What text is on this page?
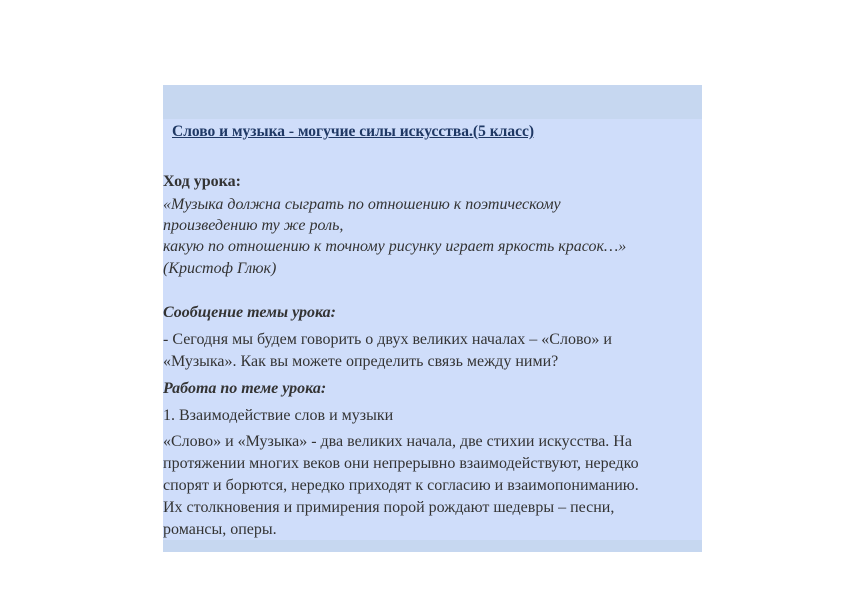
Слово и музыка - могучие силы искусства.(5 класс)

Ход урока:

«Музыка должна сыграть по отношению к поэтическому

произведению ту же роль,

какую по отношению к точному рисунку играет яркость красок…»

(Кристоф Глюк)

Сообщение темы урока:

- Сегодня мы будем говорить о двух великих началах – «Слово» и

«Музыка». Как вы можете определить связь между ними?

Работа по теме урока:

1. Взаимодействие слов и музыки

«Слово» и «Музыка» - два великих начала, две стихии искусства. На

протяжении многих веков они непрерывно взаимодействуют, нередко

спорят и борются, нередко приходят к согласию и взаимопониманию.

Их столкновения и примирения порой рождают шедевры – песни,

романсы, оперы.
